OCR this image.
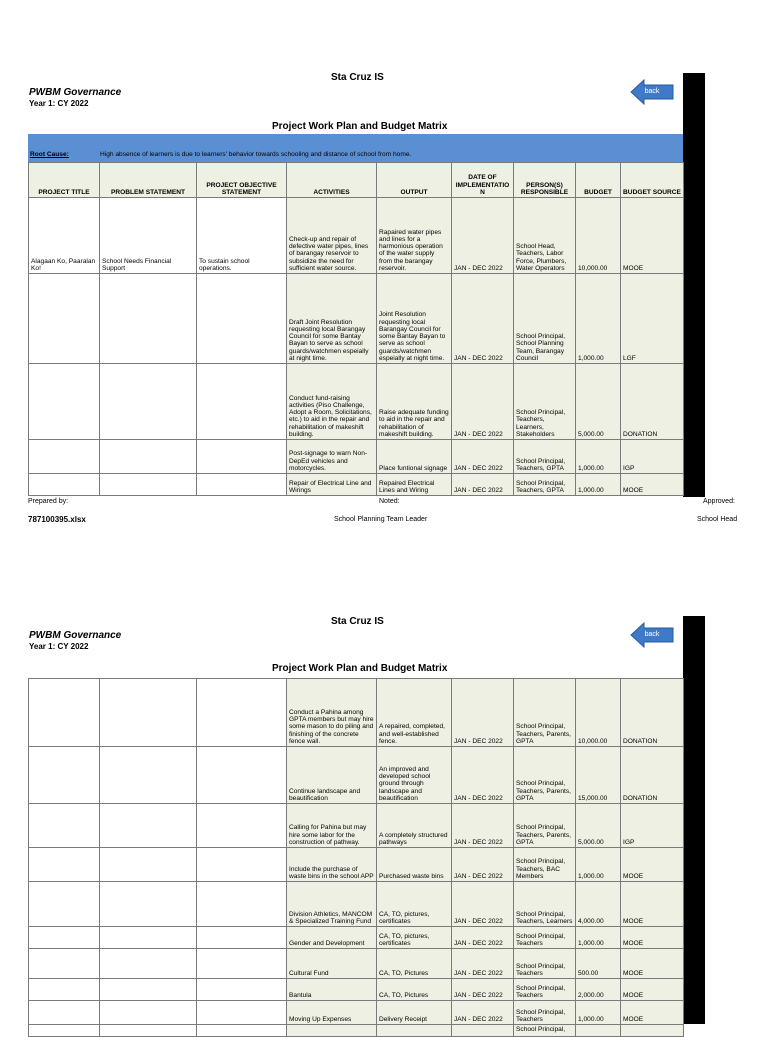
Sta Cruz IS
PWBM Governance
Year 1: CY 2022
back
Project Work Plan and Budget Matrix
Root Cause:	High absence of learners is due to learners' behavior towards schooling and distance of school from home.
PROJECT TITLE	PROBLEM STATEMENT	PROJECT OBJECTIVE STATEMENT	ACTIVITIES	OUTPUT	DATE OF IMPLEMENTATIO N	PERSON(S) RESPONSIBLE	BUDGET	BUDGET SOURCE
Alagaan Ko, Paaralan Ko!	School Needs Financial Support	To sustain school operations.	Check-up and repair of defective water pipes, lines of barangay reservoir to subsidize the need for sufficient water source.	Rapaired water pipes and lines for a harmonious operation of the water supply from the barangay reservoir.	JAN - DEC 2022	School Head, Teachers, Labor Force, Plumbers, Water Operators	10,000.00	MOOE
			Draft Joint Resolution requesting local Barangay Council for some Bantay Bayan to serve as school guards/watchmen espeially at night time.	Joint Resolution requesting local Barangay Council for some Bantay Bayan to serve as school guards/watchmen espeially at night time.	JAN - DEC 2022	School Principal, School Planning Team, Barangay Council	1,000.00	LGF
			Conduct fund-raising activities (Piso Challenge, Adopt a Room, Solicitations, etc.) to aid in the repair and rehabilitation of makeshift building.	Raise adequate funding to aid in the repair and rehabilitation of makeshift building.	JAN - DEC 2022	School Principal, Teachers, Learners, Stakeholders	5,000.00	DONATION
			Post-signage to warn Non-DepEd vehicles and motorcycles.	Place funtional signage	JAN - DEC 2022	School Principal, Teachers, GPTA	1,000.00	IGP
			Repair of Electrical Line and Wirings	Repaired Electrical Lines and Wiring	JAN - DEC 2022	School Principal, Teachers, GPTA	1,000.00	MOOE
Prepared by:	Noted:	Approved:
787100395.xlsx	School Planning Team Leader	School Head
Sta Cruz IS
PWBM Governance
Year 1: CY 2022
back
Project Work Plan and Budget Matrix
			Conduct a Pahina among GPTA members but may hire some mason to do piling and finishing of the concrete fence wall.	A repaired, completed, and well-established fence.	JAN - DEC 2022	School Principal, Teachers, Parents, GPTA	10,000.00	DONATION
			Continue landscape and beautification	An improved and developed school ground through landscape and beautification	JAN - DEC 2022	School Principal, Teachers, Parents, GPTA	15,000.00	DONATION
			Calling for Pahina but may hire some labor for the construction of pathway.	A completely structured pathways	JAN - DEC 2022	School Principal, Teachers, Parents, GPTA	5,000.00	IGP
			Include the purchase of waste bins in the school APP	Purchased waste bins	JAN - DEC 2022	School Principal, Teachers, BAC Members	1,000.00	MOOE
			Division Athletics, MANCOM & Specialized Training Fund	CA, TO, pictures, certificates	JAN - DEC 2022	School Principal, Teachers, Learners	4,000.00	MOOE
			Gender and Development	CA, TO, pictures, certificates	JAN - DEC 2022	School Principal, Teachers	1,000.00	MOOE
			Cultural Fund	CA, TO, Pictures	JAN - DEC 2022	School Principal, Teachers	500.00	MOOE
			Bantula	CA, TO, Pictures	JAN - DEC 2022	School Principal, Teachers	2,000.00	MOOE
			Moving Up Expenses	Delivery Receipt	JAN - DEC 2022	School Principal, Teachers	1,000.00	MOOE
						School Principal,		
